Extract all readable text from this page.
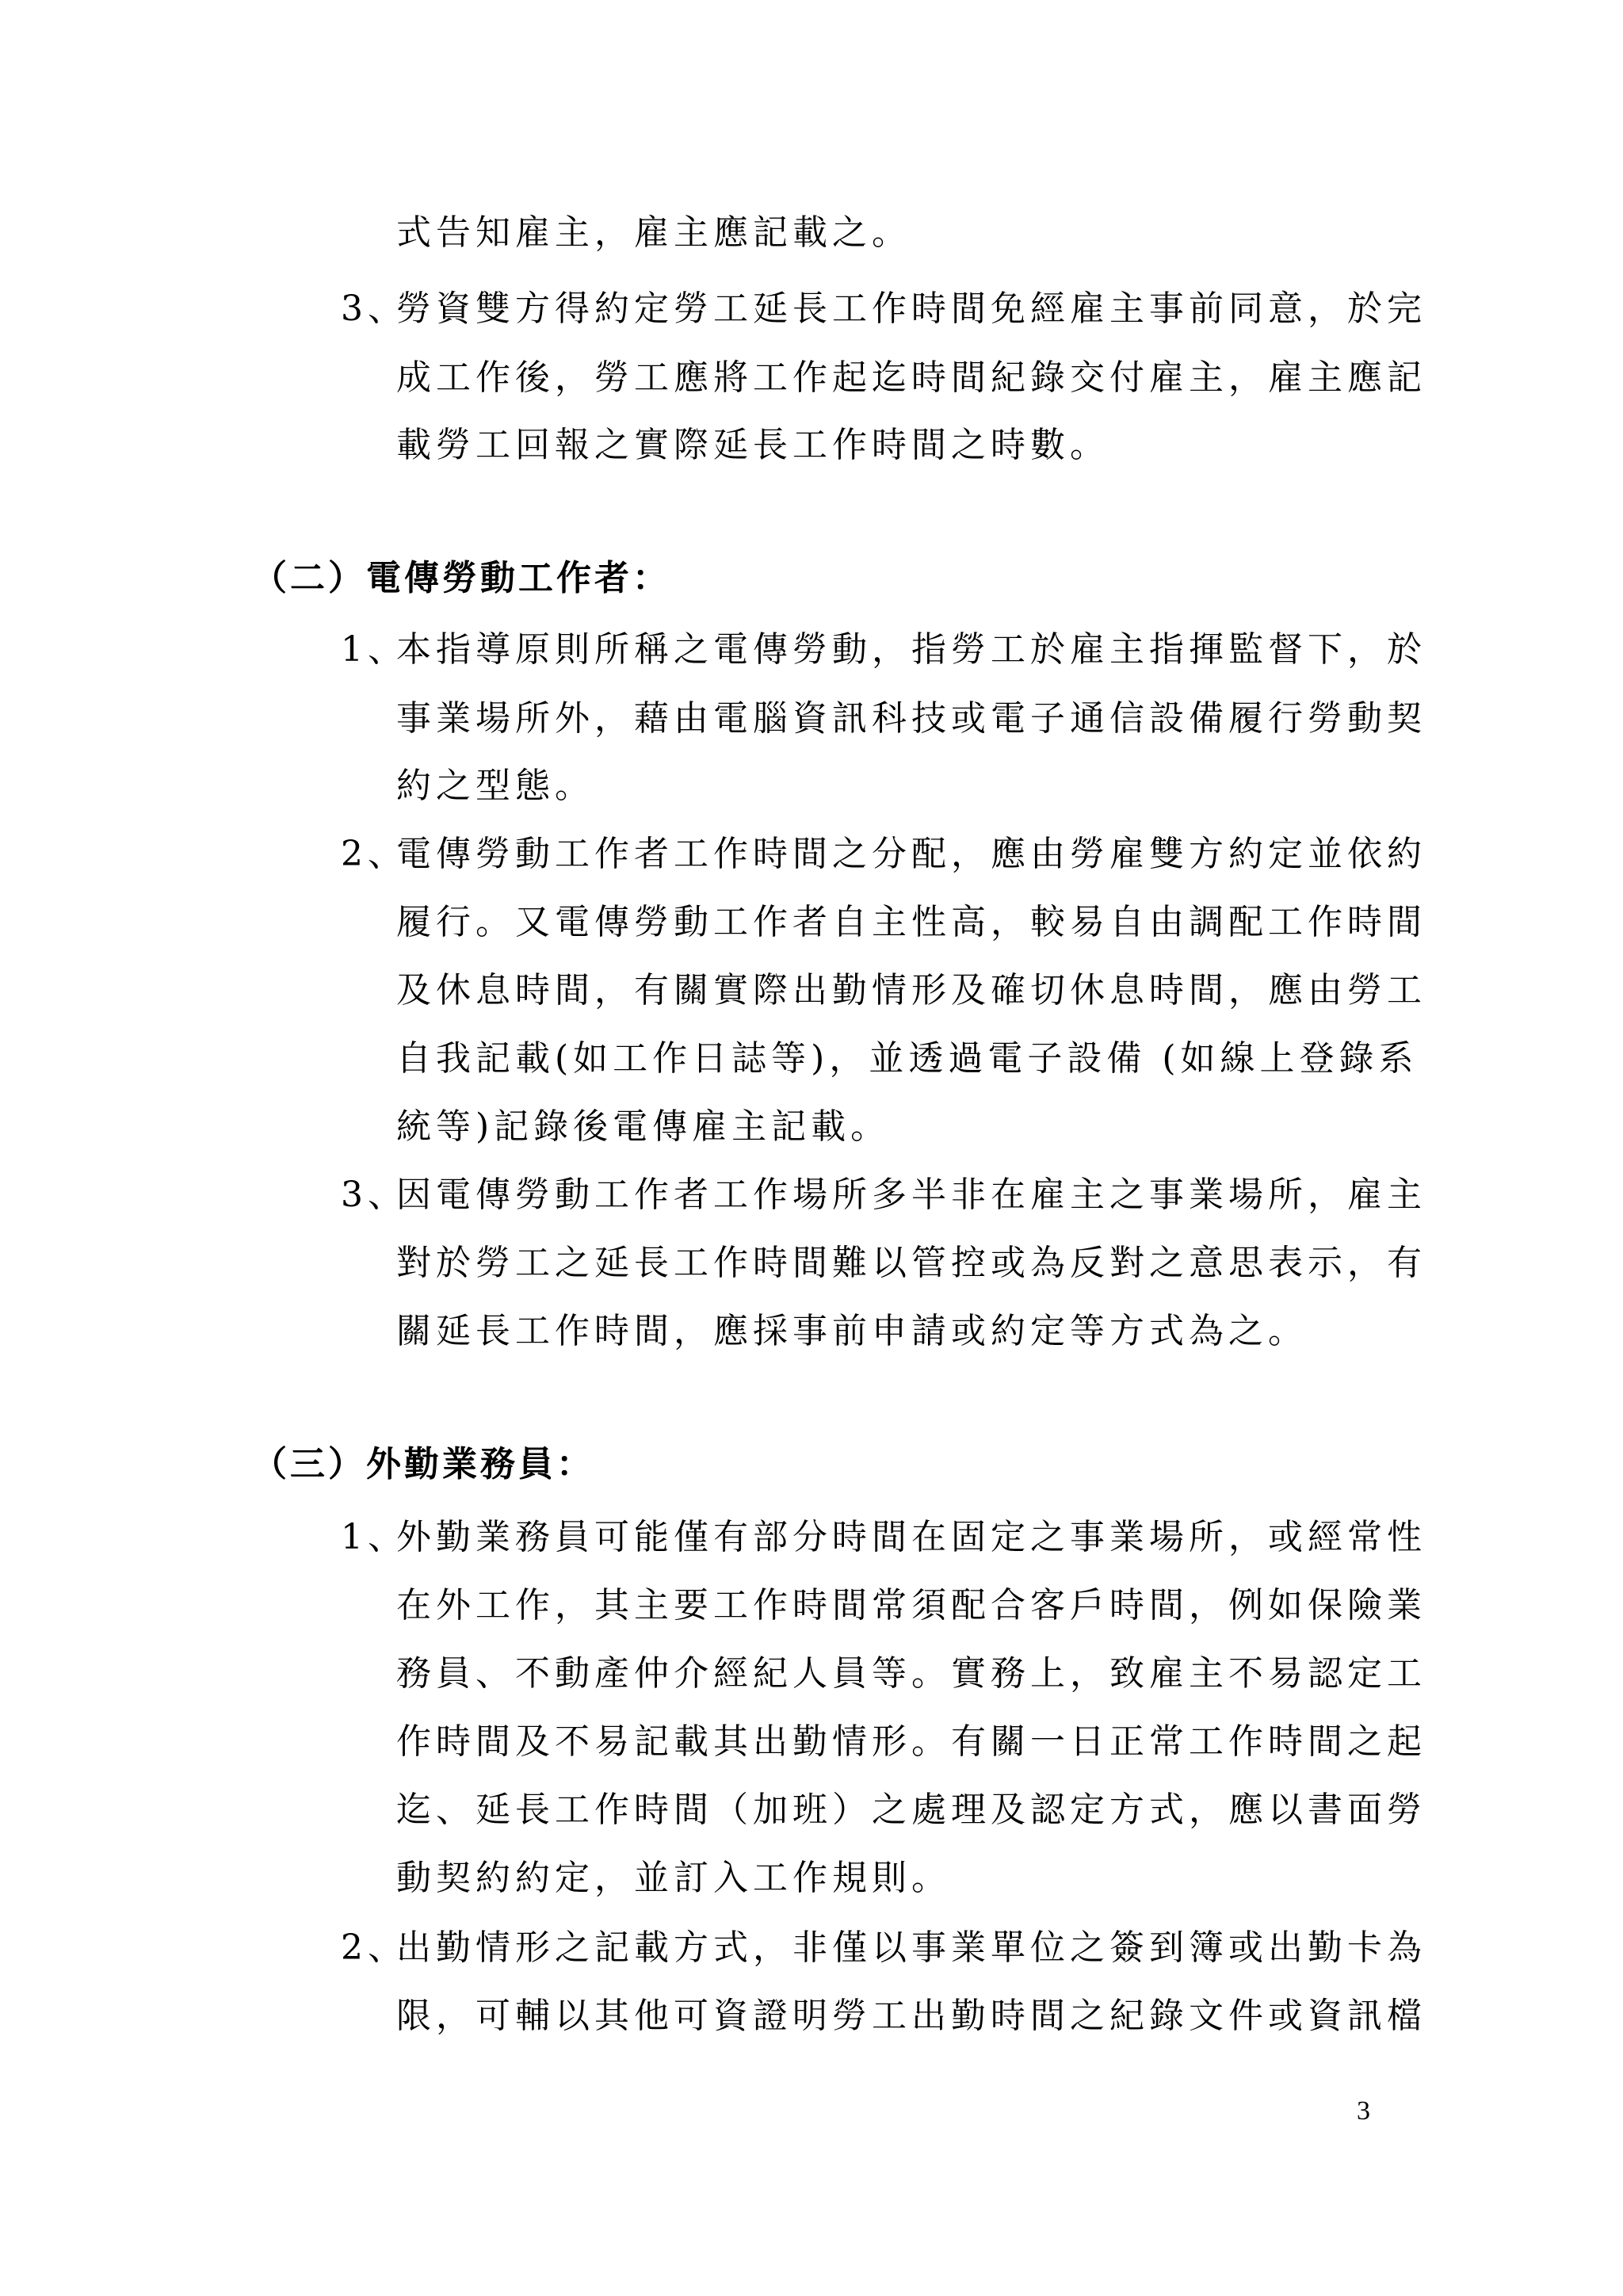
式告知雇主，雇主應記載之。
3、
勞資雙方得約定勞工延長工作時間免經雇主事前同意，於完
成工作後，勞工應將工作起迄時間紀錄交付雇主，雇主應記
載勞工回報之實際延長工作時間之時數。
（二）電傳勞動工作者：
1、
本指導原則所稱之電傳勞動，指勞工於雇主指揮監督下，於
事業場所外，藉由電腦資訊科技或電子通信設備履行勞動契
約之型態。
2、
電傳勞動工作者工作時間之分配，應由勞雇雙方約定並依約
履行。又電傳勞動工作者自主性高，較易自由調配工作時間
及休息時間，有關實際出勤情形及確切休息時間，應由勞工
自我記載(如工作日誌等)，並透過電子設備 (如線上登錄系
統等)記錄後電傳雇主記載。
3、
因電傳勞動工作者工作場所多半非在雇主之事業場所，雇主
對於勞工之延長工作時間難以管控或為反對之意思表示，有
關延長工作時間，應採事前申請或約定等方式為之。
（三）外勤業務員：
1、
外勤業務員可能僅有部分時間在固定之事業場所，或經常性
在外工作，其主要工作時間常須配合客戶時間，例如保險業
務員、不動產仲介經紀人員等。實務上，致雇主不易認定工
作時間及不易記載其出勤情形。有關一日正常工作時間之起
迄、延長工作時間（加班）之處理及認定方式，應以書面勞
動契約約定，並訂入工作規則。
2、
出勤情形之記載方式，非僅以事業單位之簽到簿或出勤卡為
限，可輔以其他可資證明勞工出勤時間之紀錄文件或資訊檔
3
